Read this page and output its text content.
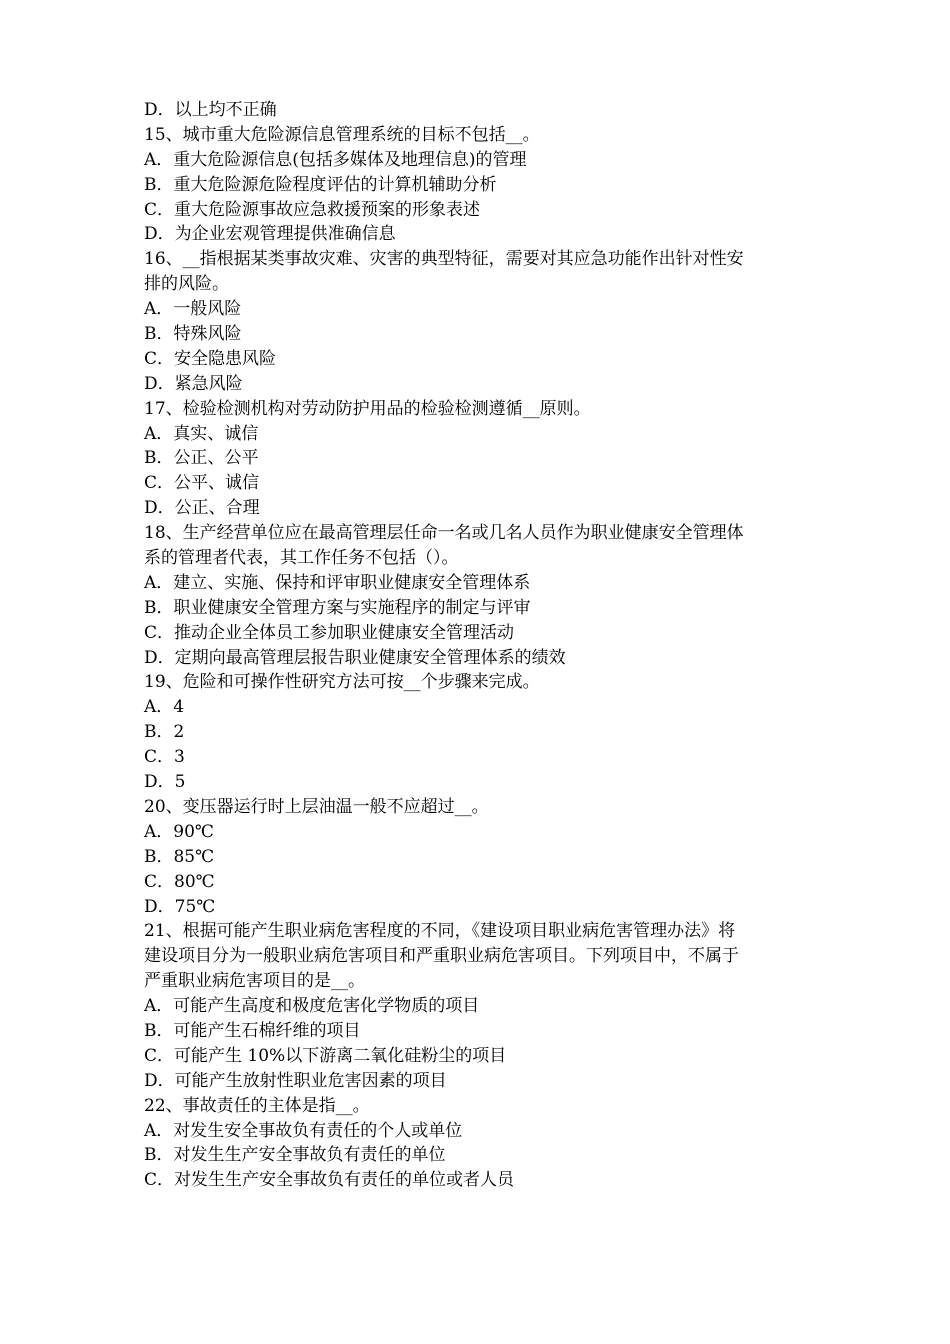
D．以上均不正确
15、城市重大危险源信息管理系统的目标不包括__。
A．重大危险源信息(包括多媒体及地理信息)的管理
B．重大危险源危险程度评估的计算机辅助分析
C．重大危险源事故应急救援预案的形象表述
D．为企业宏观管理提供准确信息
16、__指根据某类事故灾难、灾害的典型特征，需要对其应急功能作出针对性安
排的风险。
A．一般风险
B．特殊风险
C．安全隐患风险
D．紧急风险
17、检验检测机构对劳动防护用品的检验检测遵循__原则。
A．真实、诚信
B．公正、公平
C．公平、诚信
D．公正、合理
18、生产经营单位应在最高管理层任命一名或几名人员作为职业健康安全管理体
系的管理者代表，其工作任务不包括（）。
A．建立、实施、保持和评审职业健康安全管理体系
B．职业健康安全管理方案与实施程序的制定与评审
C．推动企业全体员工参加职业健康安全管理活动
D．定期向最高管理层报告职业健康安全管理体系的绩效
19、危险和可操作性研究方法可按__个步骤来完成。
A．4
B．2
C．3
D．5
20、变压器运行时上层油温一般不应超过__。
A．90℃
B．85℃
C．80℃
D．75℃
21、根据可能产生职业病危害程度的不同，《建设项目职业病危害管理办法》将
建设项目分为一般职业病危害项目和严重职业病危害项目。下列项目中，不属于
严重职业病危害项目的是__。
A．可能产生高度和极度危害化学物质的项目
B．可能产生石棉纤维的项目
C．可能产生 10%以下游离二氧化硅粉尘的项目
D．可能产生放射性职业危害因素的项目
22、事故责任的主体是指__。
A．对发生安全事故负有责任的个人或单位
B．对发生生产安全事故负有责任的单位
C．对发生生产安全事故负有责任的单位或者人员
